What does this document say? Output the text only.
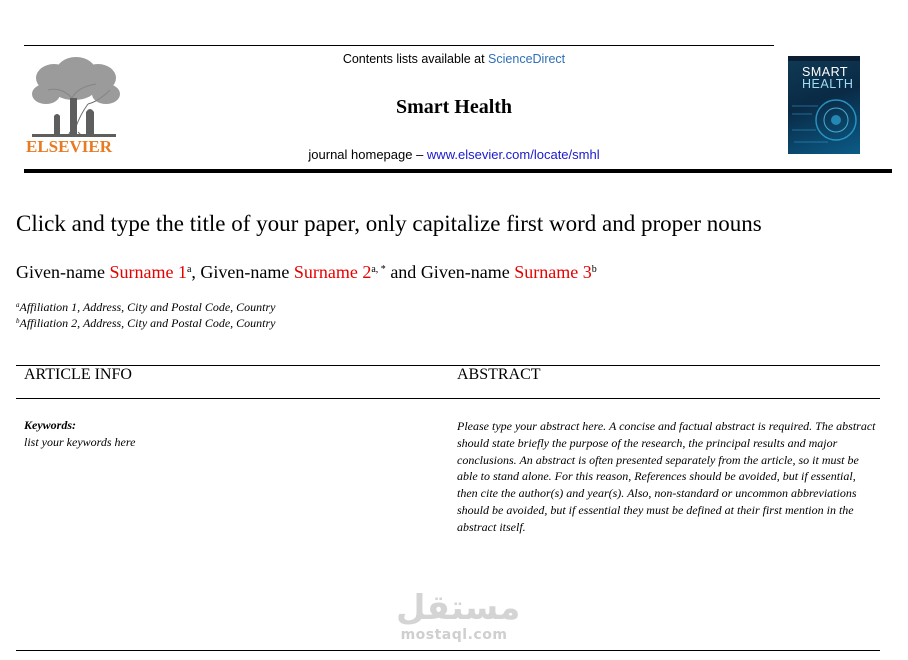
ELSEVIER
Contents lists available at ScienceDirect
Smart Health
journal homepage – www.elsevier.com/locate/smhl
SMART
HEALTH
Click and type the title of your paper, only capitalize first word and proper nouns
Given-name Surname 1$^a$, Given-name Surname $2^{a, *}$ and Given-name Surname 3$^b$
$^a$Affiliation 1, Address, City and Postal Code, Country
$^b$Affiliation 2, Address, City and Postal Code, Country
ARTICLE INFO	ABSTRACT
Keywords:
list your keywords here
Please type your abstract here. A concise and factual abstract is required. The abstract should state briefly the purpose of the research, the principal results and major conclusions. An abstract is often presented separately from the article, so it must be able to stand alone. For this reason, References should be avoided, but if essential, then cite the author(s) and year(s). Also, non-standard or uncommon abbreviations should be avoided, but if essential they must be defined at their first mention in the abstract itself.
مستقل
mostaql.com
